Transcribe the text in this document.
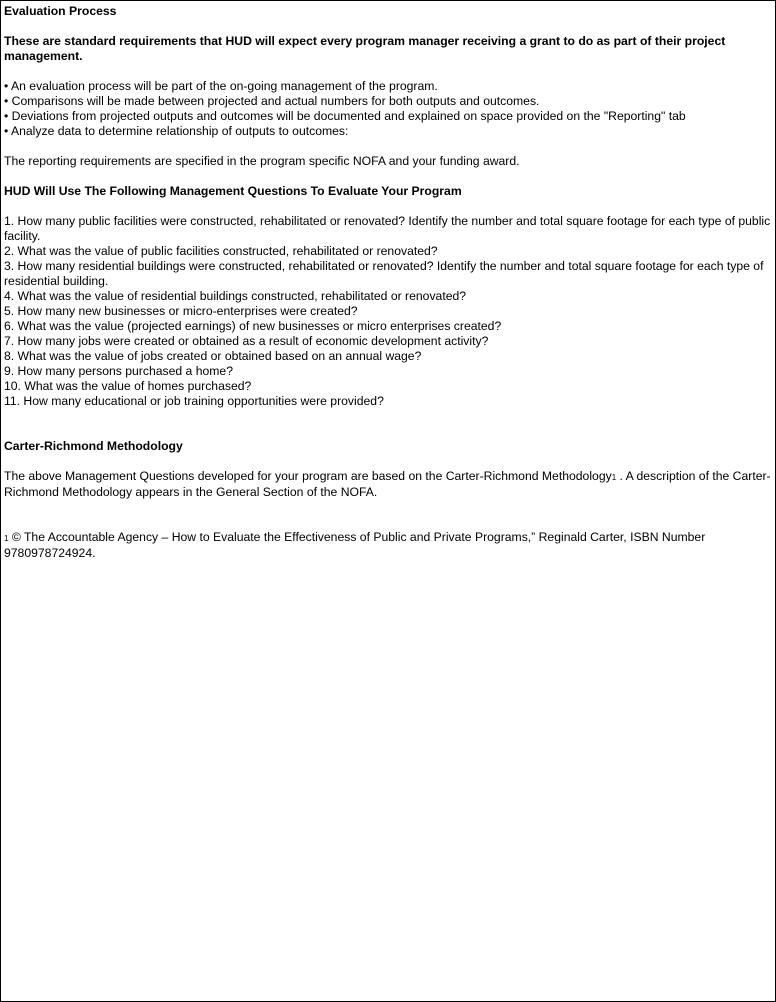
Evaluation Process
These are standard requirements that HUD will expect every program manager receiving a grant to do as part of their project management.
• An evaluation process will be part of the on-going management of the program.
• Comparisons will be made between projected and actual numbers for both outputs and outcomes.
• Deviations from projected outputs and outcomes will be documented and explained on space provided on the "Reporting" tab
• Analyze data to determine relationship of outputs to outcomes:
The reporting requirements are specified in the program specific NOFA and your funding award.
HUD Will Use The Following Management Questions To Evaluate Your Program
1. How many public facilities were constructed, rehabilitated or renovated? Identify the number and total square footage for each type of public facility.
2. What was the value of public facilities constructed, rehabilitated or renovated?
3. How many residential buildings were constructed, rehabilitated or renovated? Identify the number and total square footage for each type of residential building.
4. What was the value of residential buildings constructed, rehabilitated or renovated?
5. How many new businesses or micro-enterprises were created?
6. What was the value (projected earnings) of new businesses or micro enterprises created?
7. How many jobs were created or obtained as a result of economic development activity?
8. What was the value of jobs created or obtained based on an annual wage?
9. How many persons purchased a home?
10. What was the value of homes purchased?
11. How many educational or job training opportunities were provided?
Carter-Richmond Methodology
The above Management Questions developed for your program are based on the Carter-Richmond Methodology1 . A description of the Carter-Richmond Methodology appears in the General Section of the NOFA.
1 © The Accountable Agency – How to Evaluate the Effectiveness of Public and Private Programs,” Reginald Carter, ISBN Number 9780978724924.
